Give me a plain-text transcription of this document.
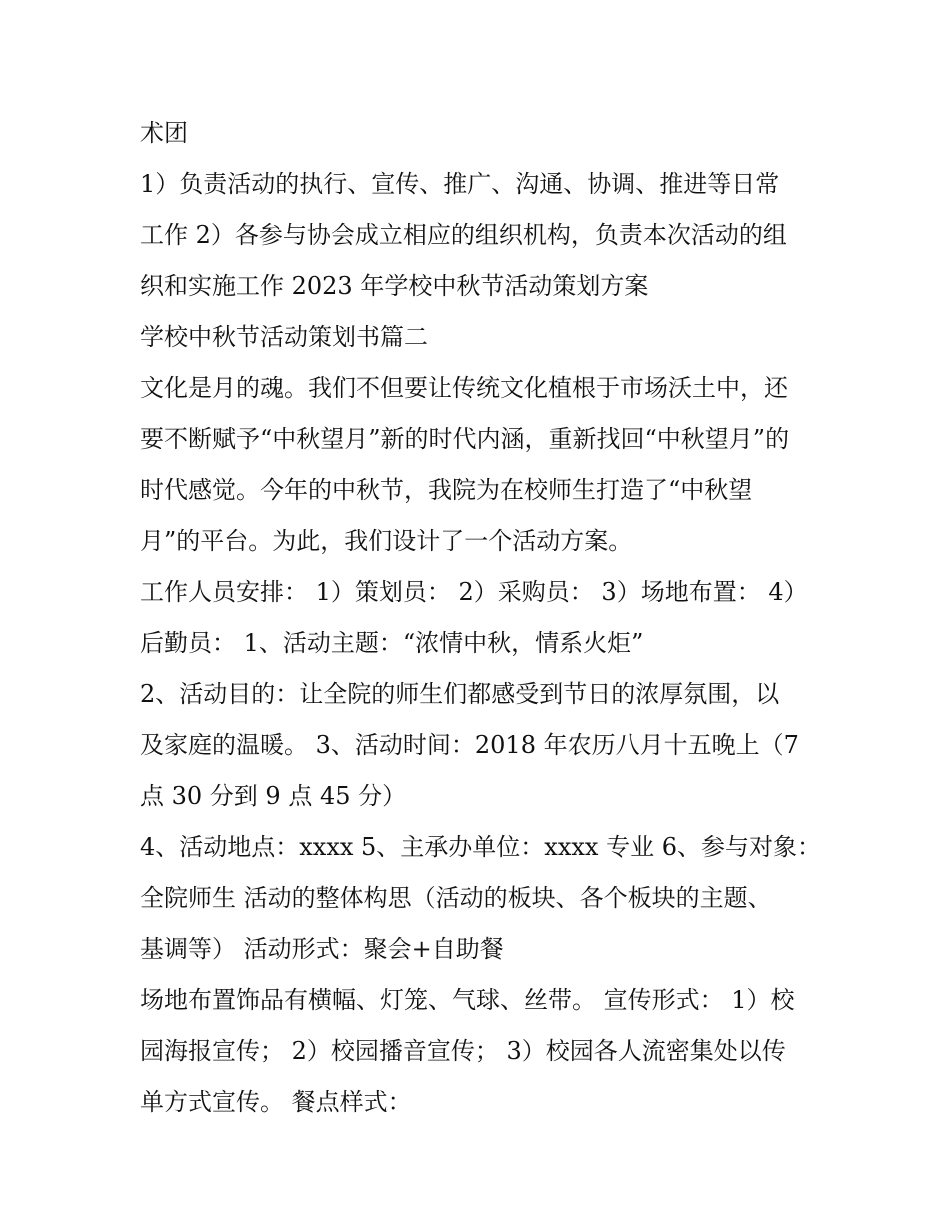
术团
1）负责活动的执行、宣传、推广、沟通、协调、推进等日常
工作 2）各参与协会成立相应的组织机构，负责本次活动的组
织和实施工作 2023 年学校中秋节活动策划方案
学校中秋节活动策划书篇二
文化是月的魂。我们不但要让传统文化植根于市场沃土中，还
要不断赋予“中秋望月”新的时代内涵，重新找回“中秋望月”的
时代感觉。今年的中秋节，我院为在校师生打造了“中秋望
月”的平台。为此，我们设计了一个活动方案。
工作人员安排： 1）策划员： 2）采购员： 3）场地布置： 4）
后勤员： 1、活动主题：“浓情中秋，情系火炬”
2、活动目的：让全院的师生们都感受到节日的浓厚氛围，以
及家庭的温暖。 3、活动时间：2018 年农历八月十五晚上（7
点 30 分到 9 点 45 分）
4、活动地点：xxxx 5、主承办单位：xxxx 专业 6、参与对象：
全院师生 活动的整体构思（活动的板块、各个板块的主题、
基调等） 活动形式：聚会+自助餐
场地布置饰品有横幅、灯笼、气球、丝带。 宣传形式： 1）校
园海报宣传； 2）校园播音宣传； 3）校园各人流密集处以传
单方式宣传。 餐点样式：
